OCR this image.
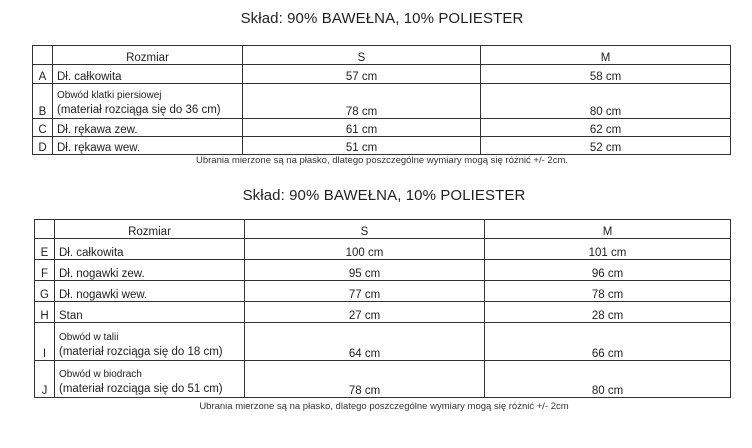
Skład: 90% BAWEŁNA, 10% POLIESTER
	Rozmiar	S	M
A	Dł. całkowita	57 cm	58 cm
B	Obwód klatki piersiowej
(materiał rozciąga się do 36 cm)	78 cm	80 cm
C	Dł. rękawa zew.	61 cm	62 cm
D	Dł. rękawa wew.	51 cm	52 cm
Ubrania mierzone są na płasko, dlatego poszczególne wymiary mogą się różnić +/- 2cm.
Skład: 90% BAWEŁNA, 10% POLIESTER
	Rozmiar	S	M
E	Dł. całkowita	100 cm	101 cm
F	Dł. nogawki zew.	95 cm	96 cm
G	Dł. nogawki wew.	77 cm	78 cm
H	Stan	27 cm	28 cm
I	Obwód w talii
(materiał rozciąga się do 18 cm)	64 cm	66 cm
J	Obwód w biodrach
(materiał rozciąga się do 51 cm)	78 cm	80 cm
Ubrania mierzone są na płasko, dlatego poszczególne wymiary mogą się różnić +/- 2cm
